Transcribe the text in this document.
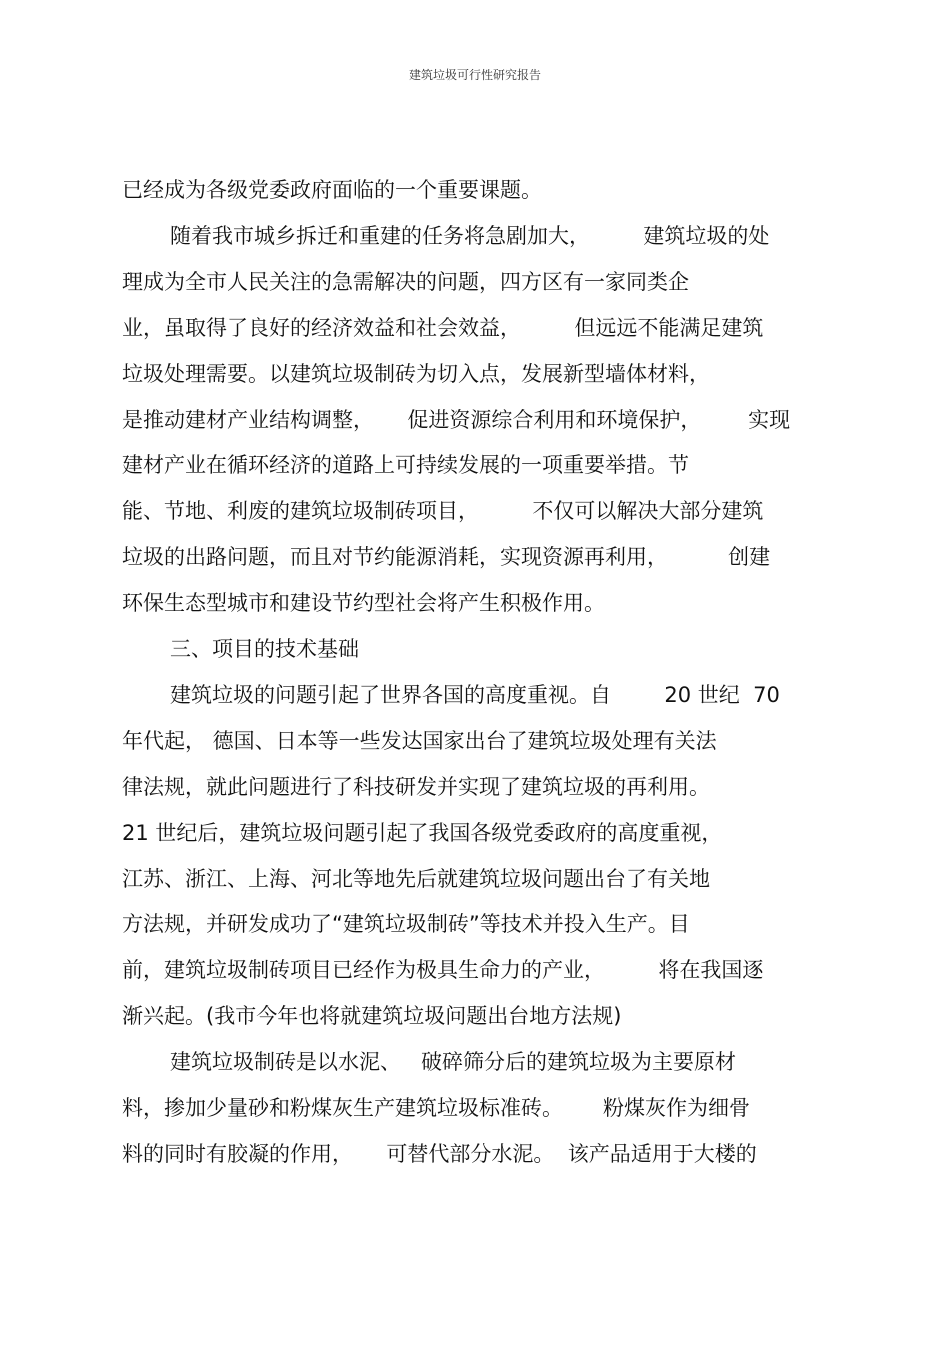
建筑垃圾可行性研究报告
已经成为各级党委政府面临的一个重要课题。
随着我市城乡拆迁和重建的任务将急剧加大，        建筑垃圾的处
理成为全市人民关注的急需解决的问题，四方区有一家同类企
业，虽取得了良好的经济效益和社会效益，        但远远不能满足建筑
垃圾处理需要。以建筑垃圾制砖为切入点，发展新型墙体材料，
是推动建材产业结构调整，     促进资源综合利用和环境保护，       实现
建材产业在循环经济的道路上可持续发展的一项重要举措。节
能、节地、利废的建筑垃圾制砖项目，        不仅可以解决大部分建筑
垃圾的出路问题，而且对节约能源消耗，实现资源再利用，         创建
环保生态型城市和建设节约型社会将产生积极作用。
三、项目的技术基础
建筑垃圾的问题引起了世界各国的高度重视。自        20 世纪  70
年代起， 德国、日本等一些发达国家出台了建筑垃圾处理有关法
律法规，就此问题进行了科技研发并实现了建筑垃圾的再利用。
21 世纪后，建筑垃圾问题引起了我国各级党委政府的高度重视，
江苏、浙江、上海、河北等地先后就建筑垃圾问题出台了有关地
方法规，并研发成功了“建筑垃圾制砖”等技术并投入生产。目
前，建筑垃圾制砖项目已经作为极具生命力的产业，        将在我国逐
渐兴起。(我市今年也将就建筑垃圾问题出台地方法规)
建筑垃圾制砖是以水泥、   破碎筛分后的建筑垃圾为主要原材
料，掺加少量砂和粉煤灰生产建筑垃圾标准砖。      粉煤灰作为细骨
料的同时有胶凝的作用，     可替代部分水泥。  该产品适用于大楼的
